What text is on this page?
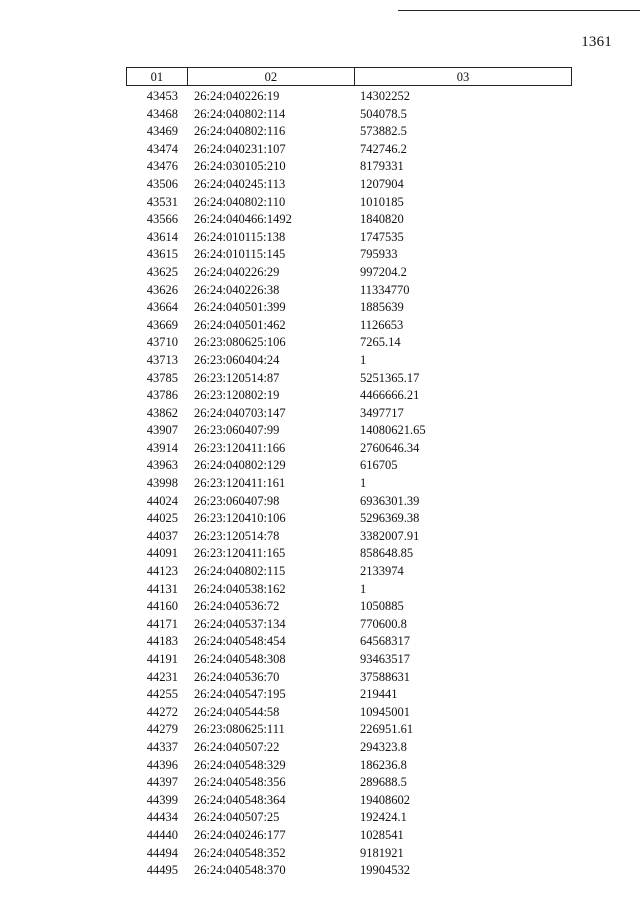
1361
01	02	03
43453	26:24:040226:19	14302252
43468	26:24:040802:114	504078.5
43469	26:24:040802:116	573882.5
43474	26:24:040231:107	742746.2
43476	26:24:030105:210	8179331
43506	26:24:040245:113	1207904
43531	26:24:040802:110	1010185
43566	26:24:040466:1492	1840820
43614	26:24:010115:138	1747535
43615	26:24:010115:145	795933
43625	26:24:040226:29	997204.2
43626	26:24:040226:38	11334770
43664	26:24:040501:399	1885639
43669	26:24:040501:462	1126653
43710	26:23:080625:106	7265.14
43713	26:23:060404:24	1
43785	26:23:120514:87	5251365.17
43786	26:23:120802:19	4466666.21
43862	26:24:040703:147	3497717
43907	26:23:060407:99	14080621.65
43914	26:23:120411:166	2760646.34
43963	26:24:040802:129	616705
43998	26:23:120411:161	1
44024	26:23:060407:98	6936301.39
44025	26:23:120410:106	5296369.38
44037	26:23:120514:78	3382007.91
44091	26:23:120411:165	858648.85
44123	26:24:040802:115	2133974
44131	26:24:040538:162	1
44160	26:24:040536:72	1050885
44171	26:24:040537:134	770600.8
44183	26:24:040548:454	64568317
44191	26:24:040548:308	93463517
44231	26:24:040536:70	37588631
44255	26:24:040547:195	219441
44272	26:24:040544:58	10945001
44279	26:23:080625:111	226951.61
44337	26:24:040507:22	294323.8
44396	26:24:040548:329	186236.8
44397	26:24:040548:356	289688.5
44399	26:24:040548:364	19408602
44434	26:24:040507:25	192424.1
44440	26:24:040246:177	1028541
44494	26:24:040548:352	9181921
44495	26:24:040548:370	19904532
